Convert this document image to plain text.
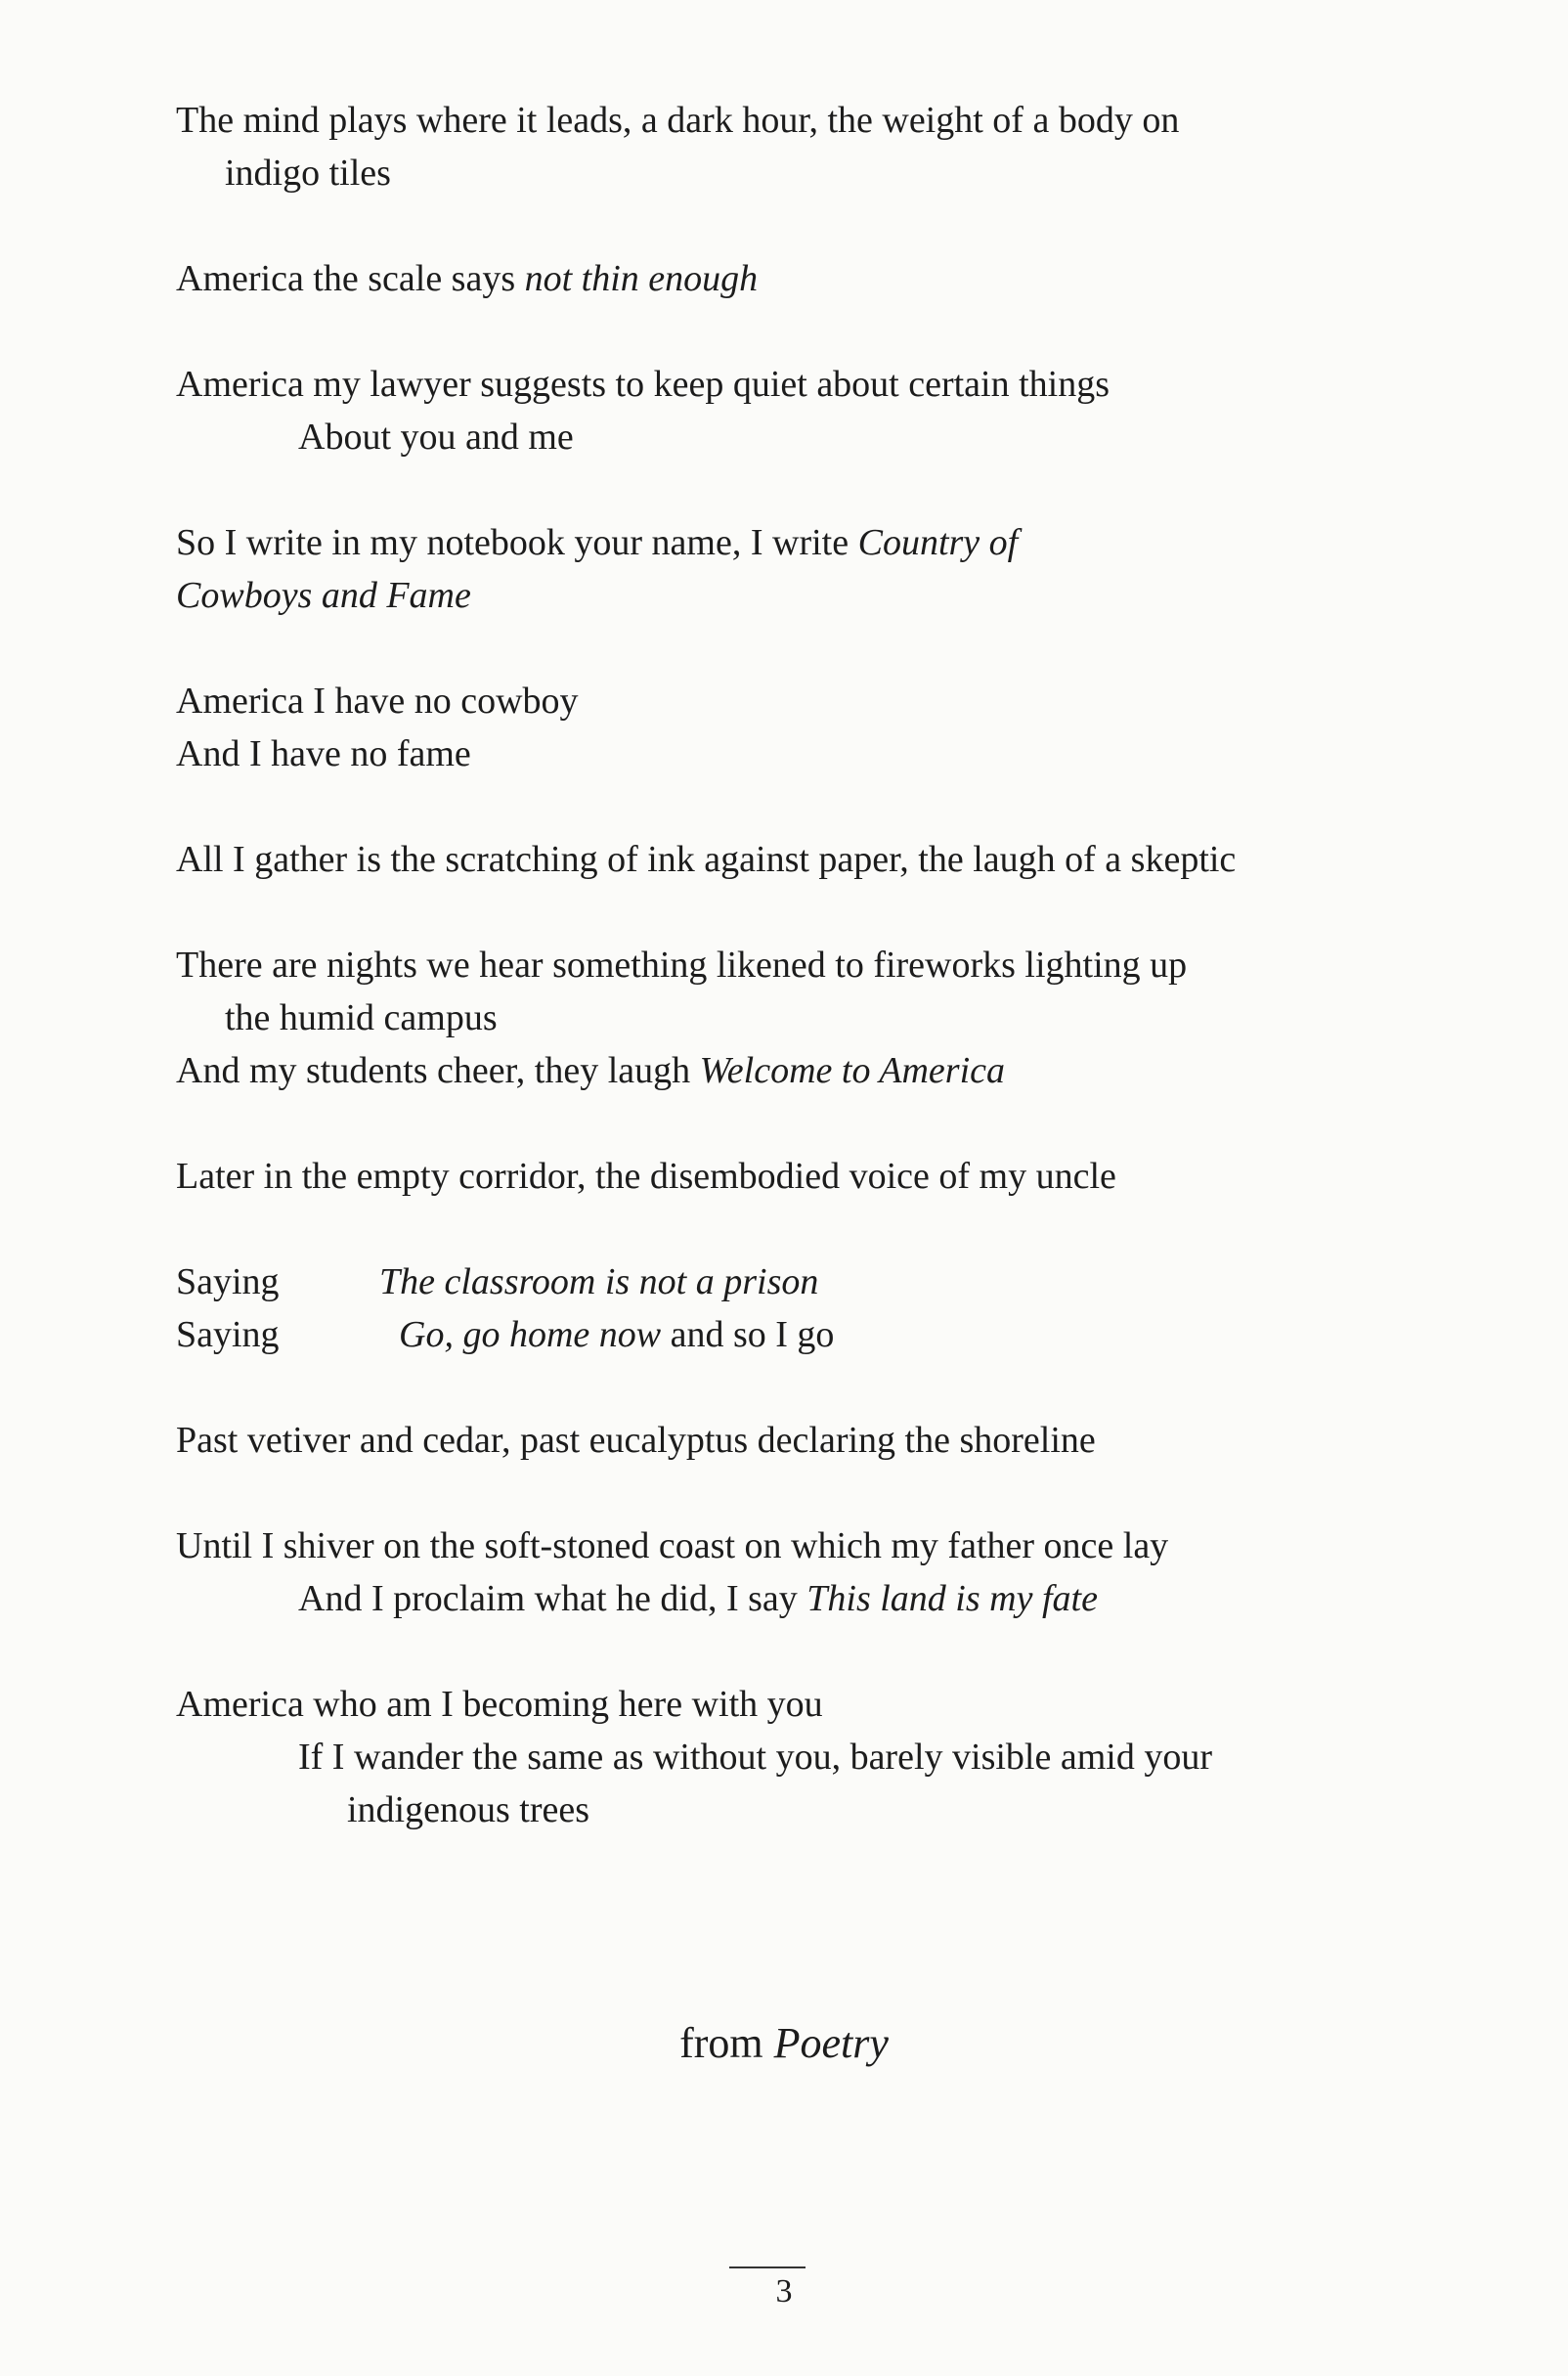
The mind plays where it leads, a dark hour, the weight of a body on
indigo tiles
America the scale says not thin enough
America my lawyer suggests to keep quiet about certain things
About you and me
So I write in my notebook your name, I write Country of
Cowboys and Fame
America I have no cowboy
And I have no fame
All I gather is the scratching of ink against paper, the laugh of a skeptic
There are nights we hear something likened to fireworks lighting up
the humid campus
And my students cheer, they laugh Welcome to America
Later in the empty corridor, the disembodied voice of my uncle
Saying	The classroom is not a prison
Saying	Go, go home now and so I go
Past vetiver and cedar, past eucalyptus declaring the shoreline
Until I shiver on the soft-stoned coast on which my father once lay
And I proclaim what he did, I say This land is my fate
America who am I becoming here with you
If I wander the same as without you, barely visible amid your
indigenous trees
from Poetry
3
